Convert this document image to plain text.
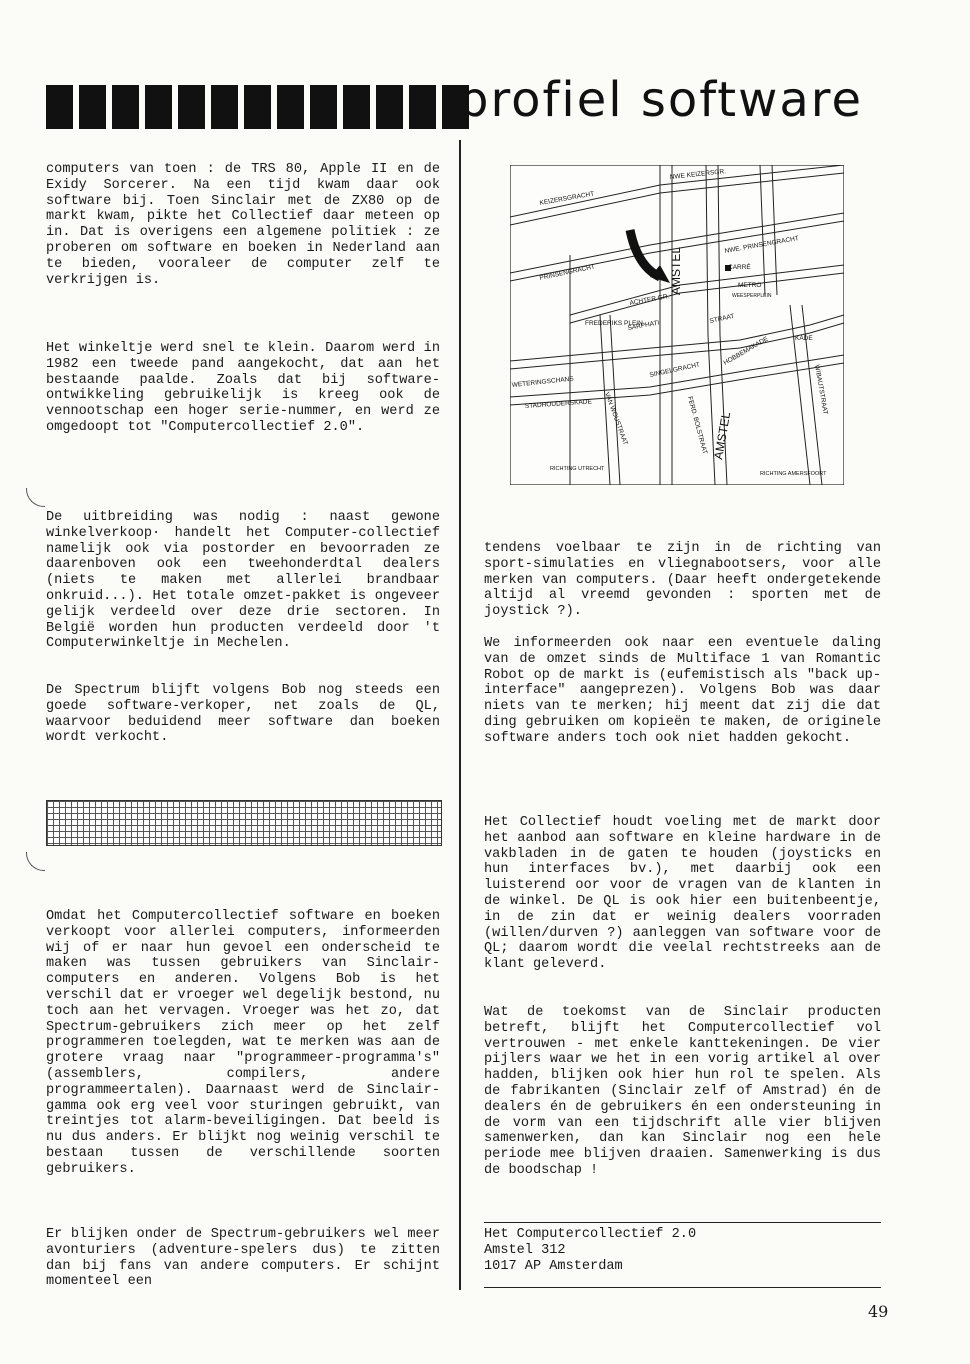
profiel software

computers van toen : de TRS 80, Apple II en de Exidy Sorcerer. Na een tijd kwam daar ook software bij. Toen Sinclair met de ZX80 op de markt kwam, pikte het Collectief daar meteen op in. Dat is overigens een algemene politiek : ze proberen om software en boeken in Nederland aan te bieden, vooraleer de computer zelf te verkrijgen is.

Het winkeltje werd snel te klein. Daarom werd in 1982 een tweede pand aangekocht, dat aan het bestaande paalde. Zoals dat bij software-ontwikkeling gebruikelijk is kreeg ook de vennootschap een hoger serie-nummer, en werd ze omgedoopt tot "Computercollectief 2.0".

De uitbreiding was nodig : naast gewone winkelverkoop· handelt het Computer-collectief namelijk ook via postorder en bevoorraden ze daarenboven ook een tweehonderdtal dealers (niets te maken met allerlei brandbaar onkruid...). Het totale omzet-pakket is ongeveer gelijk verdeeld over deze drie sectoren. In België worden hun producten verdeeld door 't Computerwinkeltje in Mechelen.

De Spectrum blijft volgens Bob nog steeds een goede software-verkoper, net zoals de QL, waarvoor beduidend meer software dan boeken wordt verkocht.

Omdat het Computercollectief software en boeken verkoopt voor allerlei computers, informeerden wij of er naar hun gevoel een onderscheid te maken was tussen gebruikers van Sinclair-computers en anderen. Volgens Bob is het verschil dat er vroeger wel degelijk bestond, nu toch aan het vervagen. Vroeger was het zo, dat Spectrum-gebruikers zich meer op het zelf programmeren toelegden, wat te merken was aan de grotere vraag naar "programmeer-programma's" (assemblers, compilers, andere programmeertalen). Daarnaast werd de Sinclair-gamma ook erg veel voor sturingen gebruikt, van treintjes tot alarm-beveiligingen. Dat beeld is nu dus anders. Er blijkt nog weinig verschil te bestaan tussen de verschillende soorten gebruikers.

Er blijken onder de Spectrum-gebruikers wel meer avonturiers (adventure-spelers dus) te zitten dan bij fans van andere computers. Er schijnt momenteel een

KEIZERSGRACHT
NWE KEIZERSGR.
PRINSENGRACHT
NWE. PRINSENGRACHT
AMSTEL	CARRÉ
METRO
WEESPERPLEIN
ACHTER GR.
FREDERIKS PLEIN
SARPHATI
STRAAT
WETERINGSCHANS
SINGELGRACHT
HOBBEMAKADE
STADHOUDERSKADE	FERD. BOLSTRAAT
VAN WOUSTRAAT	AMSTEL
KADE
WIBAUTSTRAAT
RICHTING UTRECHT
RICHTING AMERSFOORT

tendens voelbaar te zijn in de richting van sport-simulaties en vliegnabootsers, voor alle merken van computers. (Daar heeft ondergetekende altijd al vreemd gevonden : sporten met de joystick ?).

We informeerden ook naar een eventuele daling van de omzet sinds de Multiface 1 van Romantic Robot op de markt is (eufemistisch als "back up-interface" aangeprezen). Volgens Bob was daar niets van te merken; hij meent dat zij die dat ding gebruiken om kopieën te maken, de originele software anders toch ook niet hadden gekocht.

Het Collectief houdt voeling met de markt door het aanbod aan software en kleine hardware in de vakbladen in de gaten te houden (joysticks en hun interfaces bv.), met daarbij ook een luisterend oor voor de vragen van de klanten in de winkel. De QL is ook hier een buitenbeentje, in de zin dat er weinig dealers voorraden (willen/durven ?) aanleggen van software voor de QL; daarom wordt die veelal rechtstreeks aan de klant geleverd.

Wat de toekomst van de Sinclair producten betreft, blijft het Computercollectief vol vertrouwen - met enkele kanttekeningen. De vier pijlers waar we het in een vorig artikel al over hadden, blijken ook hier hun rol te spelen. Als de fabrikanten (Sinclair zelf of Amstrad) én de dealers én de gebruikers én een ondersteuning in de vorm van een tijdschrift alle vier blijven samenwerken, dan kan Sinclair nog een hele periode mee blijven draaien. Samenwerking is dus de boodschap !

Het Computercollectief 2.0
Amstel 312
1017 AP Amsterdam
49
